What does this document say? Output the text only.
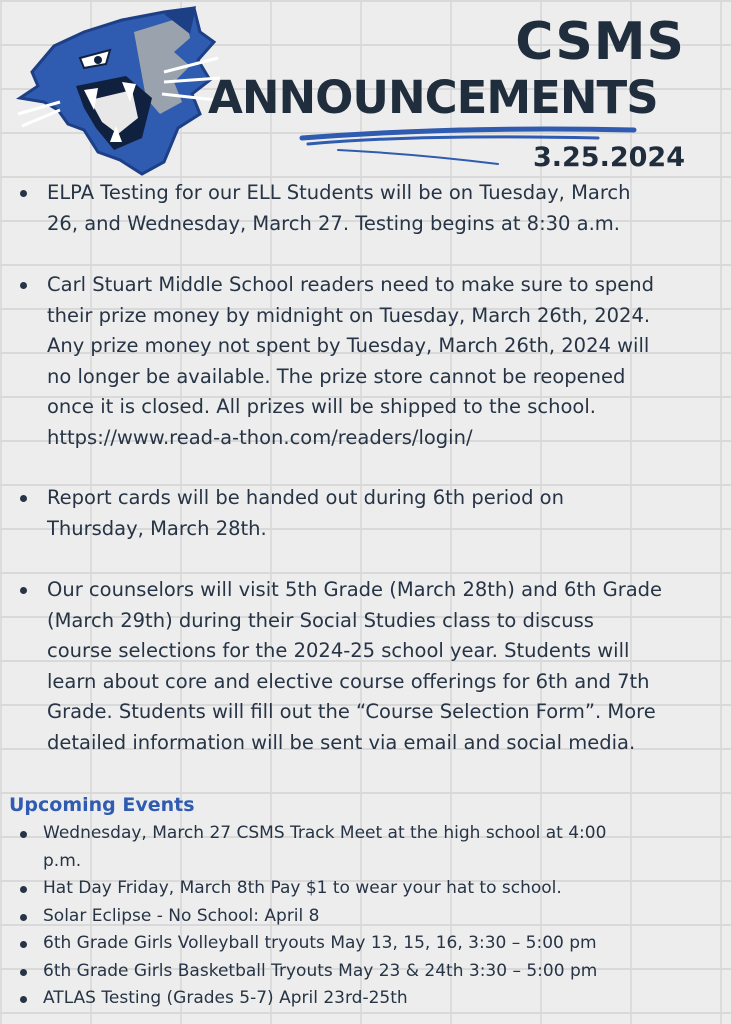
CSMS
ANNOUNCEMENTS
3.25.2024
ELPA Testing for our ELL Students will be on Tuesday, March
26, and Wednesday, March 27. Testing begins at 8:30 a.m.
Carl Stuart Middle School readers need to make sure to spend
their prize money by midnight on Tuesday, March 26th, 2024.
Any prize money not spent by Tuesday, March 26th, 2024 will
no longer be available. The prize store cannot be reopened
once it is closed. All prizes will be shipped to the school.
https://www.read-a-thon.com/readers/login/
Report cards will be handed out during 6th period on
Thursday, March 28th.
Our counselors will visit 5th Grade (March 28th) and 6th Grade
(March 29th) during their Social Studies class to discuss
course selections for the 2024-25 school year. Students will
learn about core and elective course offerings for 6th and 7th
Grade. Students will fill out the “Course Selection Form”. More
detailed information will be sent via email and social media.
Upcoming Events
Wednesday, March 27 CSMS Track Meet at the high school at 4:00
p.m.
Hat Day Friday, March 8th Pay $1 to wear your hat to school.
Solar Eclipse - No School: April 8
6th Grade Girls Volleyball tryouts May 13, 15, 16, 3:30 – 5:00 pm
6th Grade Girls Basketball Tryouts May 23 & 24th 3:30 – 5:00 pm
ATLAS Testing (Grades 5-7) April 23rd-25th
